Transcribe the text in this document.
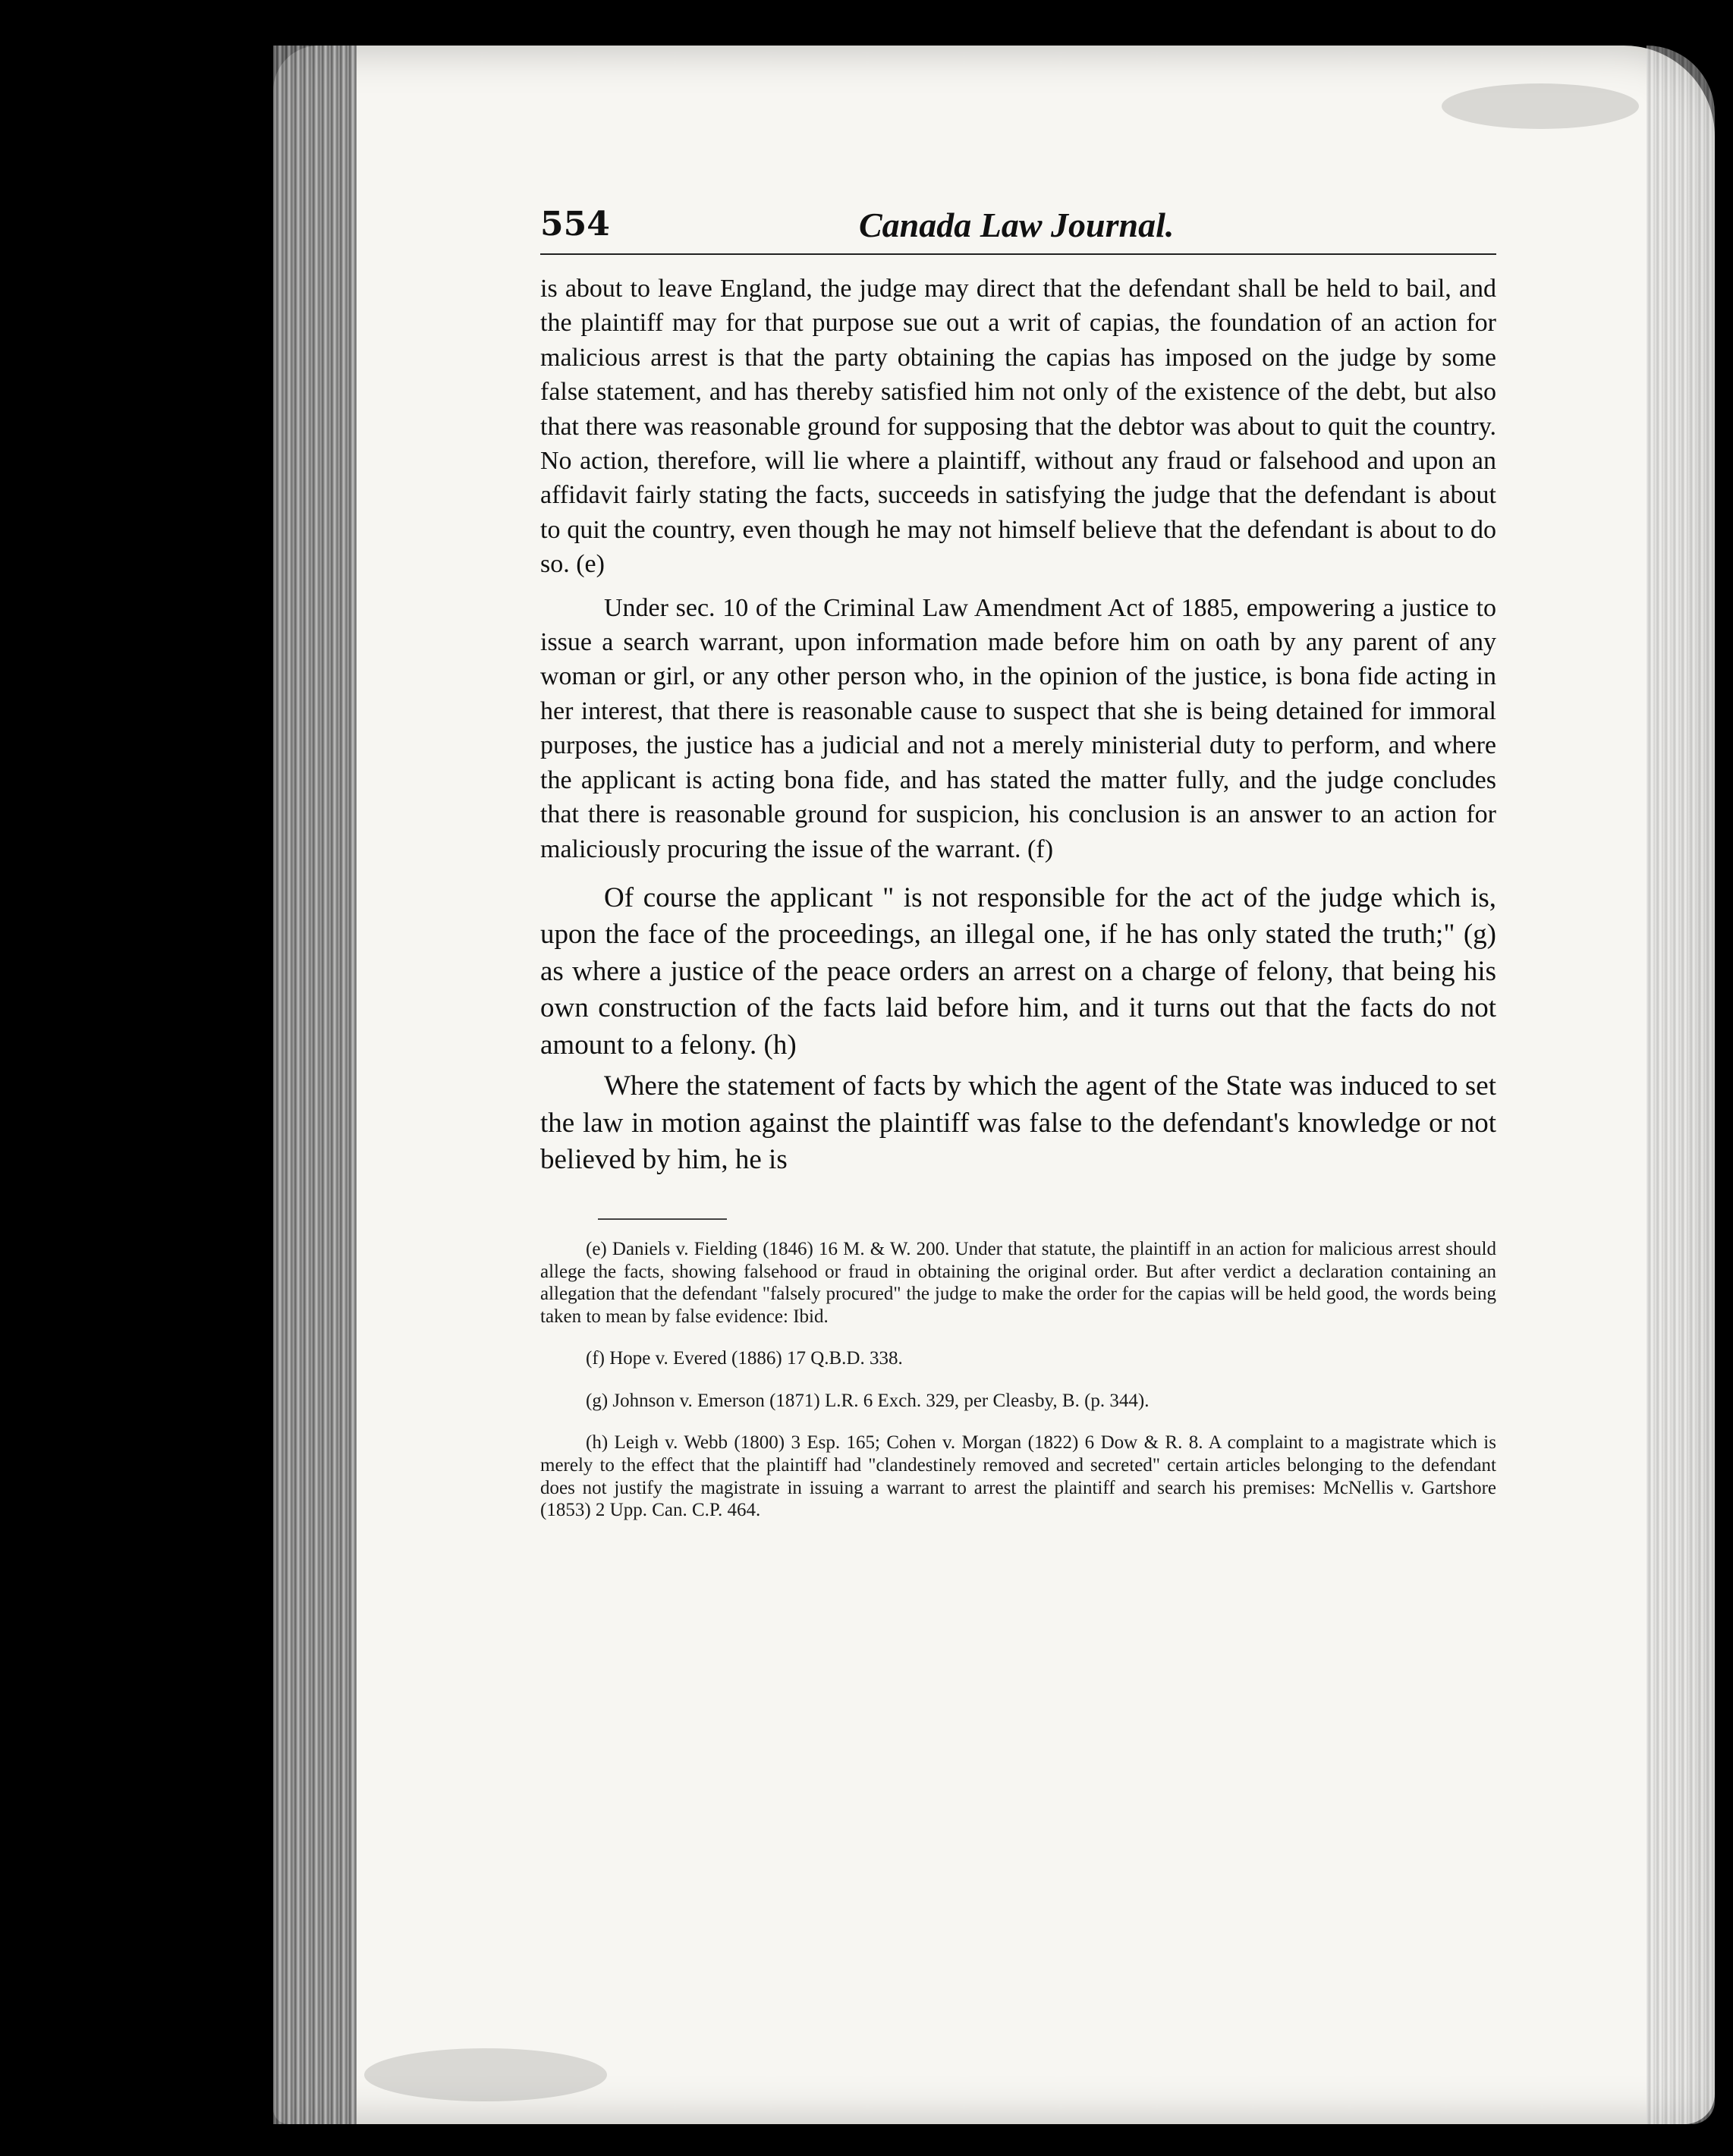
554	Canada Law Journal.

is about to leave England, the judge may direct that the defendant shall be held to bail, and the plaintiff may for that purpose sue out a writ of capias, the foundation of an action for malicious arrest is that the party obtaining the capias has imposed on the judge by some false statement, and has thereby satisfied him not only of the existence of the debt, but also that there was reasonable ground for supposing that the debtor was about to quit the country. No action, therefore, will lie where a plaintiff, without any fraud or falsehood and upon an affidavit fairly stating the facts, succeeds in satisfying the judge that the defendant is about to quit the country, even though he may not himself believe that the defendant is about to do so. (e)

Under sec. 10 of the Criminal Law Amendment Act of 1885, empowering a justice to issue a search warrant, upon information made before him on oath by any parent of any woman or girl, or any other person who, in the opinion of the justice, is bona fide acting in her interest, that there is reasonable cause to suspect that she is being detained for immoral purposes, the justice has a judicial and not a merely ministerial duty to perform, and where the applicant is acting bona fide, and has stated the matter fully, and the judge concludes that there is reasonable ground for suspicion, his conclusion is an answer to an action for maliciously procuring the issue of the warrant. (f)

Of course the applicant " is not responsible for the act of the judge which is, upon the face of the proceedings, an illegal one, if he has only stated the truth;" (g) as where a justice of the peace orders an arrest on a charge of felony, that being his own construction of the facts laid before him, and it turns out that the facts do not amount to a felony. (h)

Where the statement of facts by which the agent of the State was induced to set the law in motion against the plaintiff was false to the defendant's knowledge or not believed by him, he is

(e) Daniels v. Fielding (1846) 16 M. & W. 200. Under that statute, the plaintiff in an action for malicious arrest should allege the facts, showing falsehood or fraud in obtaining the original order. But after verdict a declaration containing an allegation that the defendant "falsely procured" the judge to make the order for the capias will be held good, the words being taken to mean by false evidence: Ibid.

(f) Hope v. Evered (1886) 17 Q.B.D. 338.

(g) Johnson v. Emerson (1871) L.R. 6 Exch. 329, per Cleasby, B. (p. 344).

(h) Leigh v. Webb (1800) 3 Esp. 165; Cohen v. Morgan (1822) 6 Dow & R. 8. A complaint to a magistrate which is merely to the effect that the plaintiff had "clandestinely removed and secreted" certain articles belonging to the defendant does not justify the magistrate in issuing a warrant to arrest the plaintiff and search his premises: McNellis v. Gartshore (1853) 2 Upp. Can. C.P. 464.
